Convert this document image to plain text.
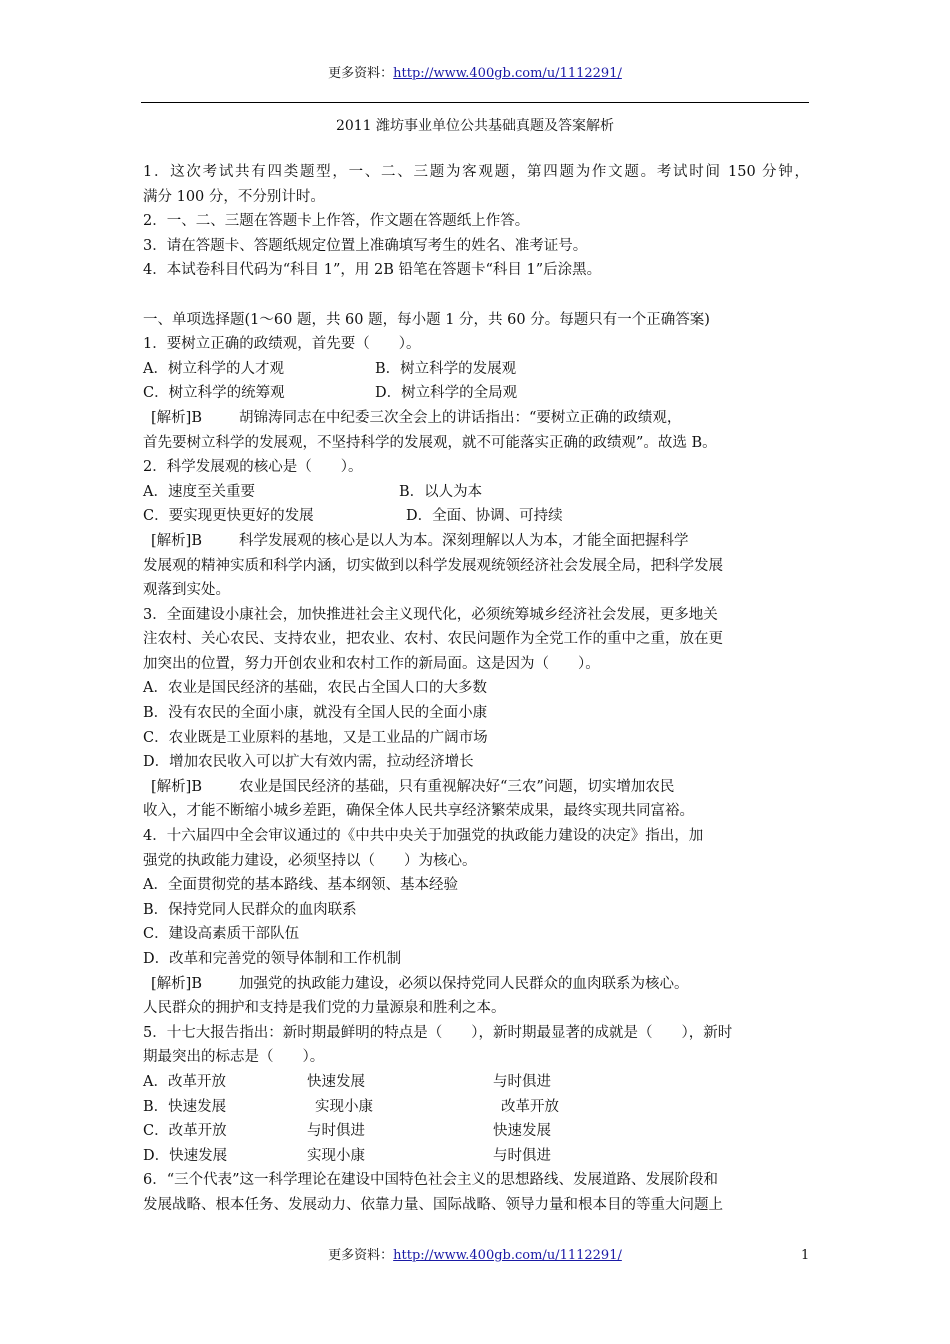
更多资料：http://www.400gb.com/u/1112291/
2011 潍坊事业单位公共基础真题及答案解析
1．这次考试共有四类题型，一、二、三题为客观题，第四题为作文题。考试时间 150 分钟，
满分 100 分，不分别计时。
2．一、二、三题在答题卡上作答，作文题在答题纸上作答。
3．请在答题卡、答题纸规定位置上准确填写考生的姓名、准考证号。
4．本试卷科目代码为“科目 1”，用 2B 铅笔在答题卡“科目 1”后涂黑。
一、单项选择题(1～60 题，共 60 题，每小题 1 分，共 60 分。每题只有一个正确答案)
1．要树立正确的政绩观，首先要（　　）。
A．树立科学的人才观	B．树立科学的发展观
C．树立科学的统筹观	D．树立科学的全局观
[解析]B	胡锦涛同志在中纪委三次全会上的讲话指出：“要树立正确的政绩观，
首先要树立科学的发展观，不坚持科学的发展观，就不可能落实正确的政绩观”。故选 B。
2．科学发展观的核心是（　　）。
A．速度至关重要	B．以人为本
C．要实现更快更好的发展	D．全面、协调、可持续
[解析]B	科学发展观的核心是以人为本。深刻理解以人为本，才能全面把握科学
发展观的精神实质和科学内涵，切实做到以科学发展观统领经济社会发展全局，把科学发展
观落到实处。
3．全面建设小康社会，加快推进社会主义现代化，必须统筹城乡经济社会发展，更多地关
注农村、关心农民、支持农业，把农业、农村、农民问题作为全党工作的重中之重，放在更
加突出的位置，努力开创农业和农村工作的新局面。这是因为（　　）。
A．农业是国民经济的基础，农民占全国人口的大多数
B．没有农民的全面小康，就没有全国人民的全面小康
C．农业既是工业原料的基地，又是工业品的广阔市场
D．增加农民收入可以扩大有效内需，拉动经济增长
[解析]B	农业是国民经济的基础，只有重视解决好“三农”问题，切实增加农民
收入，才能不断缩小城乡差距，确保全体人民共享经济繁荣成果，最终实现共同富裕。
4．十六届四中全会审议通过的《中共中央关于加强党的执政能力建设的决定》指出，加
强党的执政能力建设，必须坚持以（　　）为核心。
A．全面贯彻党的基本路线、基本纲领、基本经验
B．保持党同人民群众的血肉联系
C．建设高素质干部队伍
D．改革和完善党的领导体制和工作机制
[解析]B	加强党的执政能力建设，必须以保持党同人民群众的血肉联系为核心。
人民群众的拥护和支持是我们党的力量源泉和胜利之本。
5．十七大报告指出：新时期最鲜明的特点是（　　），新时期最显著的成就是（　　），新时
期最突出的标志是（　　）。
A．改革开放	快速发展	与时俱进
B．快速发展	实现小康	改革开放
C．改革开放	与时俱进	快速发展
D．快速发展	实现小康	与时俱进
6．“三个代表”这一科学理论在建设中国特色社会主义的思想路线、发展道路、发展阶段和
发展战略、根本任务、发展动力、依靠力量、国际战略、领导力量和根本目的等重大问题上
更多资料：http://www.400gb.com/u/1112291/	1
